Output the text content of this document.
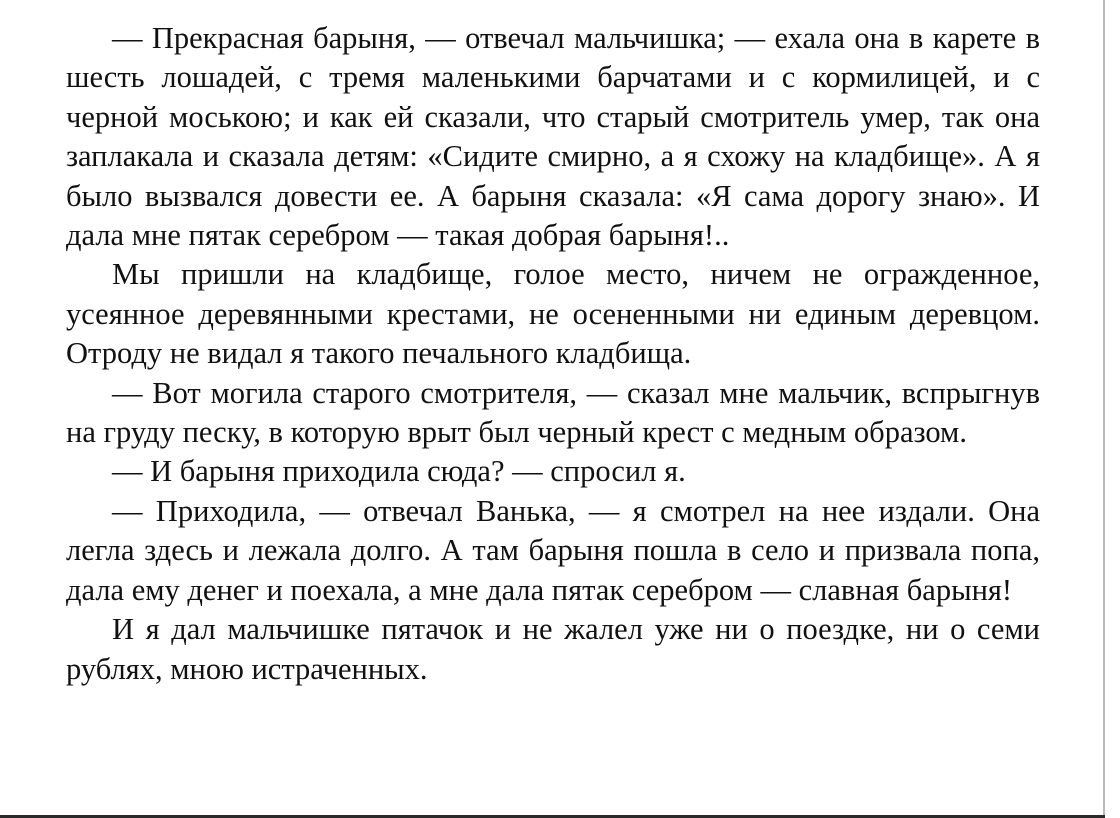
— Прекрасная барыня, — отвечал мальчишка; — ехала она в карете в шесть лошадей, с тремя маленькими барчатами и с кормилицей, и с черной моською; и как ей сказали, что старый смотритель умер, так она заплакала и сказала детям: «Сидите смирно, а я схожу на кладбище». А я было вызвался довести ее. А барыня сказала: «Я сама дорогу знаю». И дала мне пятак серебром — такая добрая барыня!..

Мы пришли на кладбище, голое место, ничем не огражденное, усеянное деревянными крестами, не осененными ни единым деревцом. Отроду не видал я такого печального кладбища.

— Вот могила старого смотрителя, — сказал мне мальчик, вспрыгнув на груду песку, в которую врыт был черный крест с медным образом.

— И барыня приходила сюда? — спросил я.

— Приходила, — отвечал Ванька, — я смотрел на нее издали. Она легла здесь и лежала долго. А там барыня пошла в село и призвала попа, дала ему денег и поехала, а мне дала пятак серебром — славная барыня!

И я дал мальчишке пятачок и не жалел уже ни о поездке, ни о семи рублях, мною истраченных.
